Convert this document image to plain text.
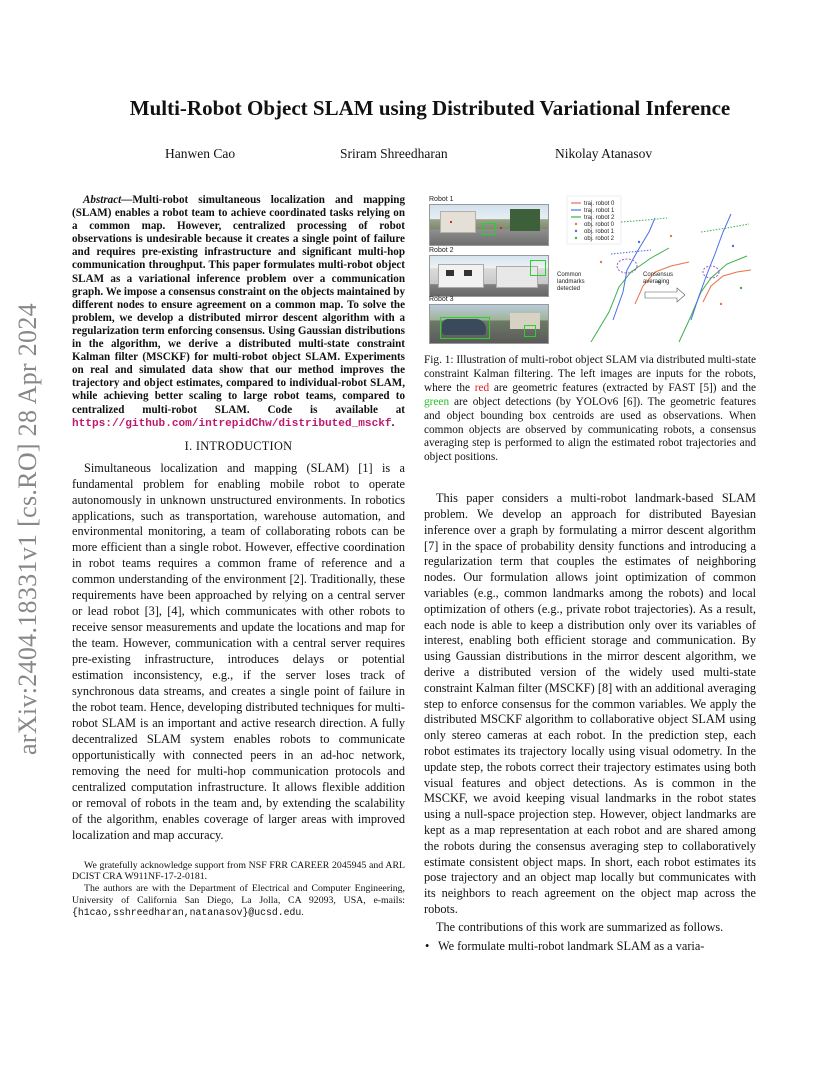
arXiv:2404.18331v1 [cs.RO] 28 Apr 2024
Multi-Robot Object SLAM using Distributed Variational Inference
Hanwen Cao	Sriram Shreedharan	Nikolay Atanasov

Abstract—Multi-robot simultaneous localization and mapping (SLAM) enables a robot team to achieve coordinated tasks relying on a common map. However, centralized processing of robot observations is undesirable because it creates a single point of failure and requires pre-existing infrastructure and significant multi-hop communication throughput. This paper formulates multi-robot object SLAM as a variational inference problem over a communication graph. We impose a consensus constraint on the objects maintained by different nodes to ensure agreement on a common map. To solve the problem, we develop a distributed mirror descent algorithm with a regularization term enforcing consensus. Using Gaussian distributions in the algorithm, we derive a distributed multi-state constraint Kalman filter (MSCKF) for multi-robot object SLAM. Experiments on real and simulated data show that our method improves the trajectory and object estimates, compared to individual-robot SLAM, while achieving better scaling to large robot teams, compared to centralized multi-robot SLAM. Code is available at https://github.com/intrepidChw/distributed_msckf.

I. INTRODUCTION

Simultaneous localization and mapping (SLAM) [1] is a fundamental problem for enabling mobile robot to operate autonomously in unknown unstructured environments. In robotics applications, such as transportation, warehouse automation, and environmental monitoring, a team of collaborating robots can be more efficient than a single robot. However, effective coordination in robot teams requires a common frame of reference and a common understanding of the environment [2]. Traditionally, these requirements have been approached by relying on a central server or lead robot [3], [4], which communicates with other robots to receive sensor measurements and update the locations and map for the team. However, communication with a central server requires pre-existing infrastructure, introduces delays or potential estimation inconsistency, e.g., if the server loses track of synchronous data streams, and creates a single point of failure in the robot team. Hence, developing distributed techniques for multi-robot SLAM is an important and active research direction. A fully decentralized SLAM system enables robots to communicate opportunistically with connected peers in an ad-hoc network, removing the need for multi-hop communication protocols and centralized computation infrastructure. It allows flexible addition or removal of robots in the team and, by extending the scalability of the algorithm, enables coverage of larger areas with improved localization and map accuracy.

We gratefully acknowledge support from NSF FRR CAREER 2045945 and ARL DCIST CRA W911NF-17-2-0181.

The authors are with the Department of Electrical and Computer Engineering, University of California San Diego, La Jolla, CA 92093, USA, e-mails: {h1cao,sshreedharan,natanasov}@ucsd.edu.

Robot 1
Robot 2
Robot 3
traj. robot 0
traj. robot 1
traj. robot 2
obj. robot 0
obj. robot 1
obj. robot 2
Common
landmarks
detected
Consensus
averaging

Fig. 1: Illustration of multi-robot object SLAM via distributed multi-state constraint Kalman filtering. The left images are inputs for the robots, where the red are geometric features (extracted by FAST [5]) and the green are object detections (by YOLOv6 [6]). The geometric features and object bounding box centroids are used as observations. When common objects are observed by communicating robots, a consensus averaging step is performed to align the estimated robot trajectories and object positions.

This paper considers a multi-robot landmark-based SLAM problem. We develop an approach for distributed Bayesian inference over a graph by formulating a mirror descent algorithm [7] in the space of probability density functions and introducing a regularization term that couples the estimates of neighboring nodes. Our formulation allows joint optimization of common variables (e.g., common landmarks among the robots) and local optimization of others (e.g., private robot trajectories). As a result, each node is able to keep a distribution only over its variables of interest, enabling both efficient storage and communication. By using Gaussian distributions in the mirror descent algorithm, we derive a distributed version of the widely used multi-state constraint Kalman filter (MSCKF) [8] with an additional averaging step to enforce consensus for the common variables. We apply the distributed MSCKF algorithm to collaborative object SLAM using only stereo cameras at each robot. In the prediction step, each robot estimates its trajectory locally using visual odometry. In the update step, the robots correct their trajectory estimates using both visual features and object detections. As is common in the MSCKF, we avoid keeping visual landmarks in the robot states using a null-space projection step. However, object landmarks are kept as a map representation at each robot and are shared among the robots during the consensus averaging step to collaboratively estimate consistent object maps. In short, each robot estimates its pose trajectory and an object map locally but communicates with its neighbors to reach agreement on the object map across the robots.

The contributions of this work are summarized as follows.

• We formulate multi-robot landmark SLAM as a varia-
